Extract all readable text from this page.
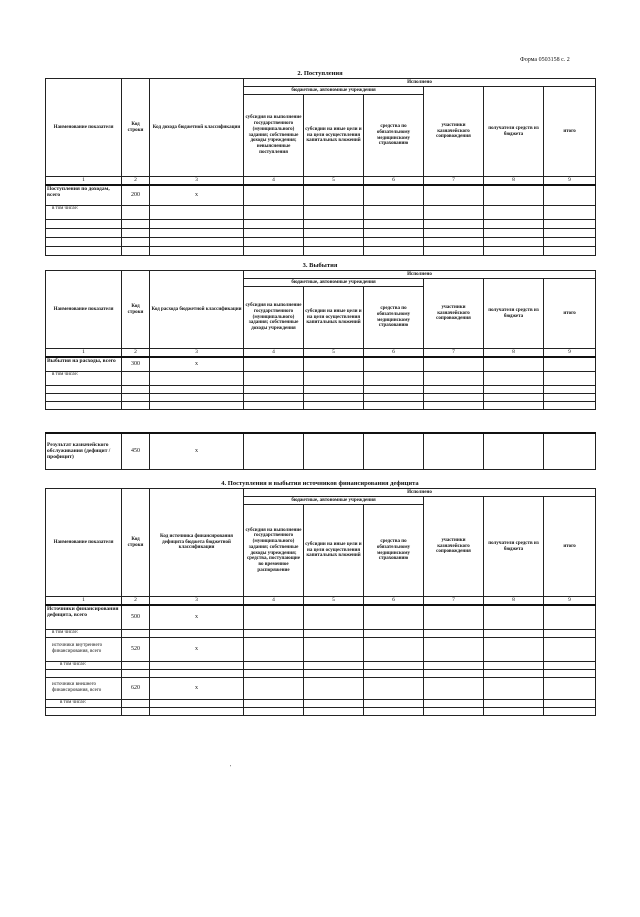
Форма 0503158 с. 2
2. Поступления
Наименование показателя	Код строки	Код дохода бюджетной классификации	Исполнено					
			бюджетные, автономные учреждения			участники казначейского сопровождения	получатели средств из бюджета	итого
			субсидия на выполнение государственного (муниципального) задания; собственные доходы учреждения; невыясненные поступления	субсидии на иные цели и на цели осуществления капитальных вложений	средства по обязательному медицинскому страхованию			
1	2	3	4	5	6	7	8	9
Поступления по доходам, всего	200	x						
в том числе:								

3. Выбытия
Наименование показателя	Код строки	Код расхода бюджетной классификации	Исполнено					
			бюджетные, автономные учреждения			участники казначейского сопровождения	получатели средств из бюджета	итого
			субсидия на выполнение государственного (муниципального) задания; собственные доходы учреждения	субсидии на иные цели и на цели осуществления капитальных вложений	средства по обязательному медицинскому страхованию			
1	2	3	4	5	6	7	8	9
Выбытия на расходы, всего	300	x						
в том числе:								

Результат казначейского обслуживания (дефицит / профицит)	450	x						
4. Поступления и выбытия источников финансирования дефицита
Наименование показателя	Код строки	Код источника финансирования дефицита бюджета бюджетной классификации	Исполнено					
			бюджетные, автономные учреждения			участники казначейского сопровождения	получатели средств из бюджета	итого
			субсидия на выполнение государственного (муниципального) задания; собственные доходы учреждения; средства, поступающие во временное распоряжение	субсидии на иные цели и на цели осуществления капитальных вложений	средства по обязательному медицинскому страхованию			
1	2	3	4	5	6	7	8	9
Источники финансирования дефицита, всего	500	x						
в том числе:								
источники внутреннего финансирования, всего	520	x						
в том числе:								

источники внешнего финансирования, всего	620	x						
в том числе:								

'
